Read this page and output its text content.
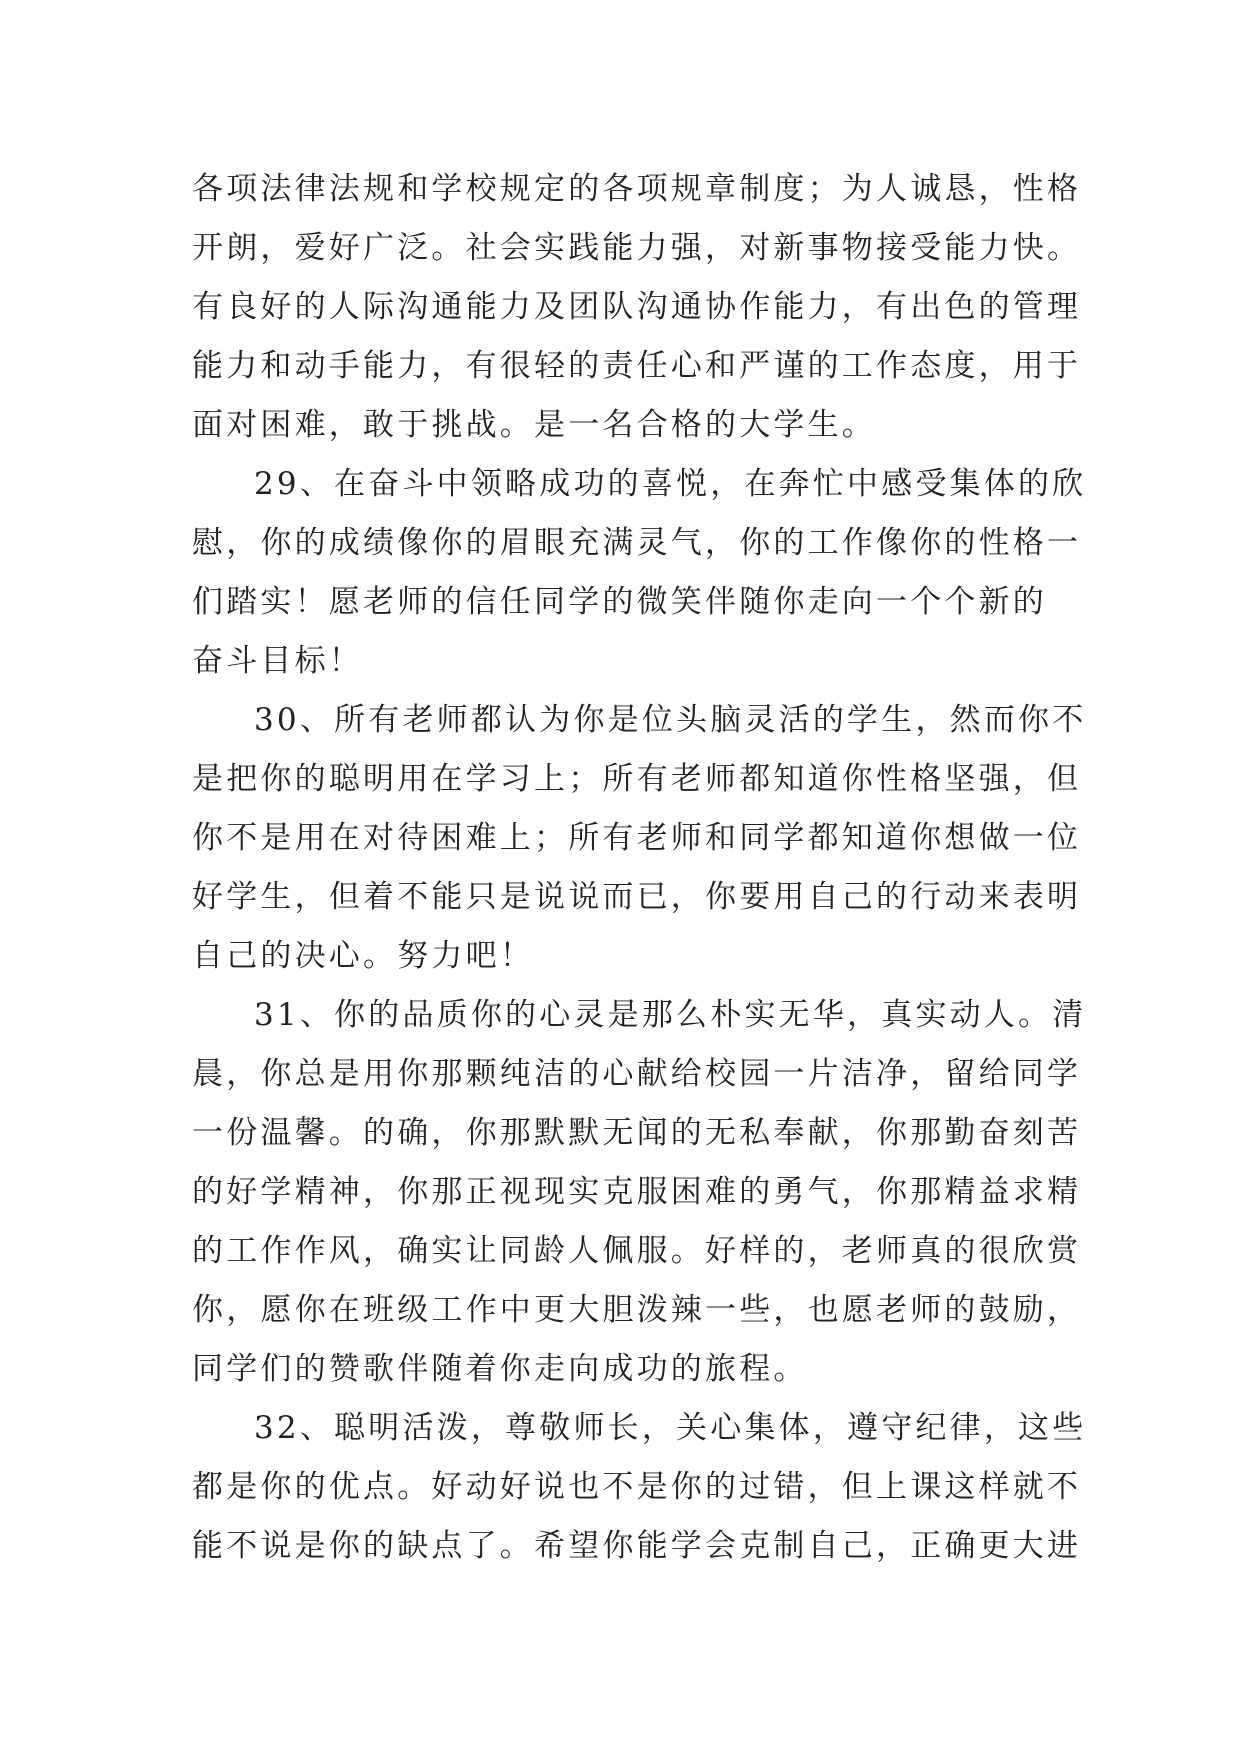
各项法律法规和学校规定的各项规章制度；为人诚恳，性格

开朗，爱好广泛。社会实践能力强，对新事物接受能力快。

有良好的人际沟通能力及团队沟通协作能力，有出色的管理

能力和动手能力，有很轻的责任心和严谨的工作态度，用于

面对困难，敢于挑战。是一名合格的大学生。

29、在奋斗中领略成功的喜悦，在奔忙中感受集体的欣

慰，你的成绩像你的眉眼充满灵气，你的工作像你的性格一

们踏实！愿老师的信任同学的微笑伴随你走向一个个新的

奋斗目标！

30、所有老师都认为你是位头脑灵活的学生，然而你不

是把你的聪明用在学习上；所有老师都知道你性格坚强，但

你不是用在对待困难上；所有老师和同学都知道你想做一位

好学生，但着不能只是说说而已，你要用自己的行动来表明

自己的决心。努力吧！

31、你的品质你的心灵是那么朴实无华，真实动人。清

晨，你总是用你那颗纯洁的心献给校园一片洁净，留给同学

一份温馨。的确，你那默默无闻的无私奉献，你那勤奋刻苦

的好学精神，你那正视现实克服困难的勇气，你那精益求精

的工作作风，确实让同龄人佩服。好样的，老师真的很欣赏

你，愿你在班级工作中更大胆泼辣一些，也愿老师的鼓励，

同学们的赞歌伴随着你走向成功的旅程。

32、聪明活泼，尊敬师长，关心集体，遵守纪律，这些

都是你的优点。好动好说也不是你的过错，但上课这样就不

能不说是你的缺点了。希望你能学会克制自己，正确更大进
